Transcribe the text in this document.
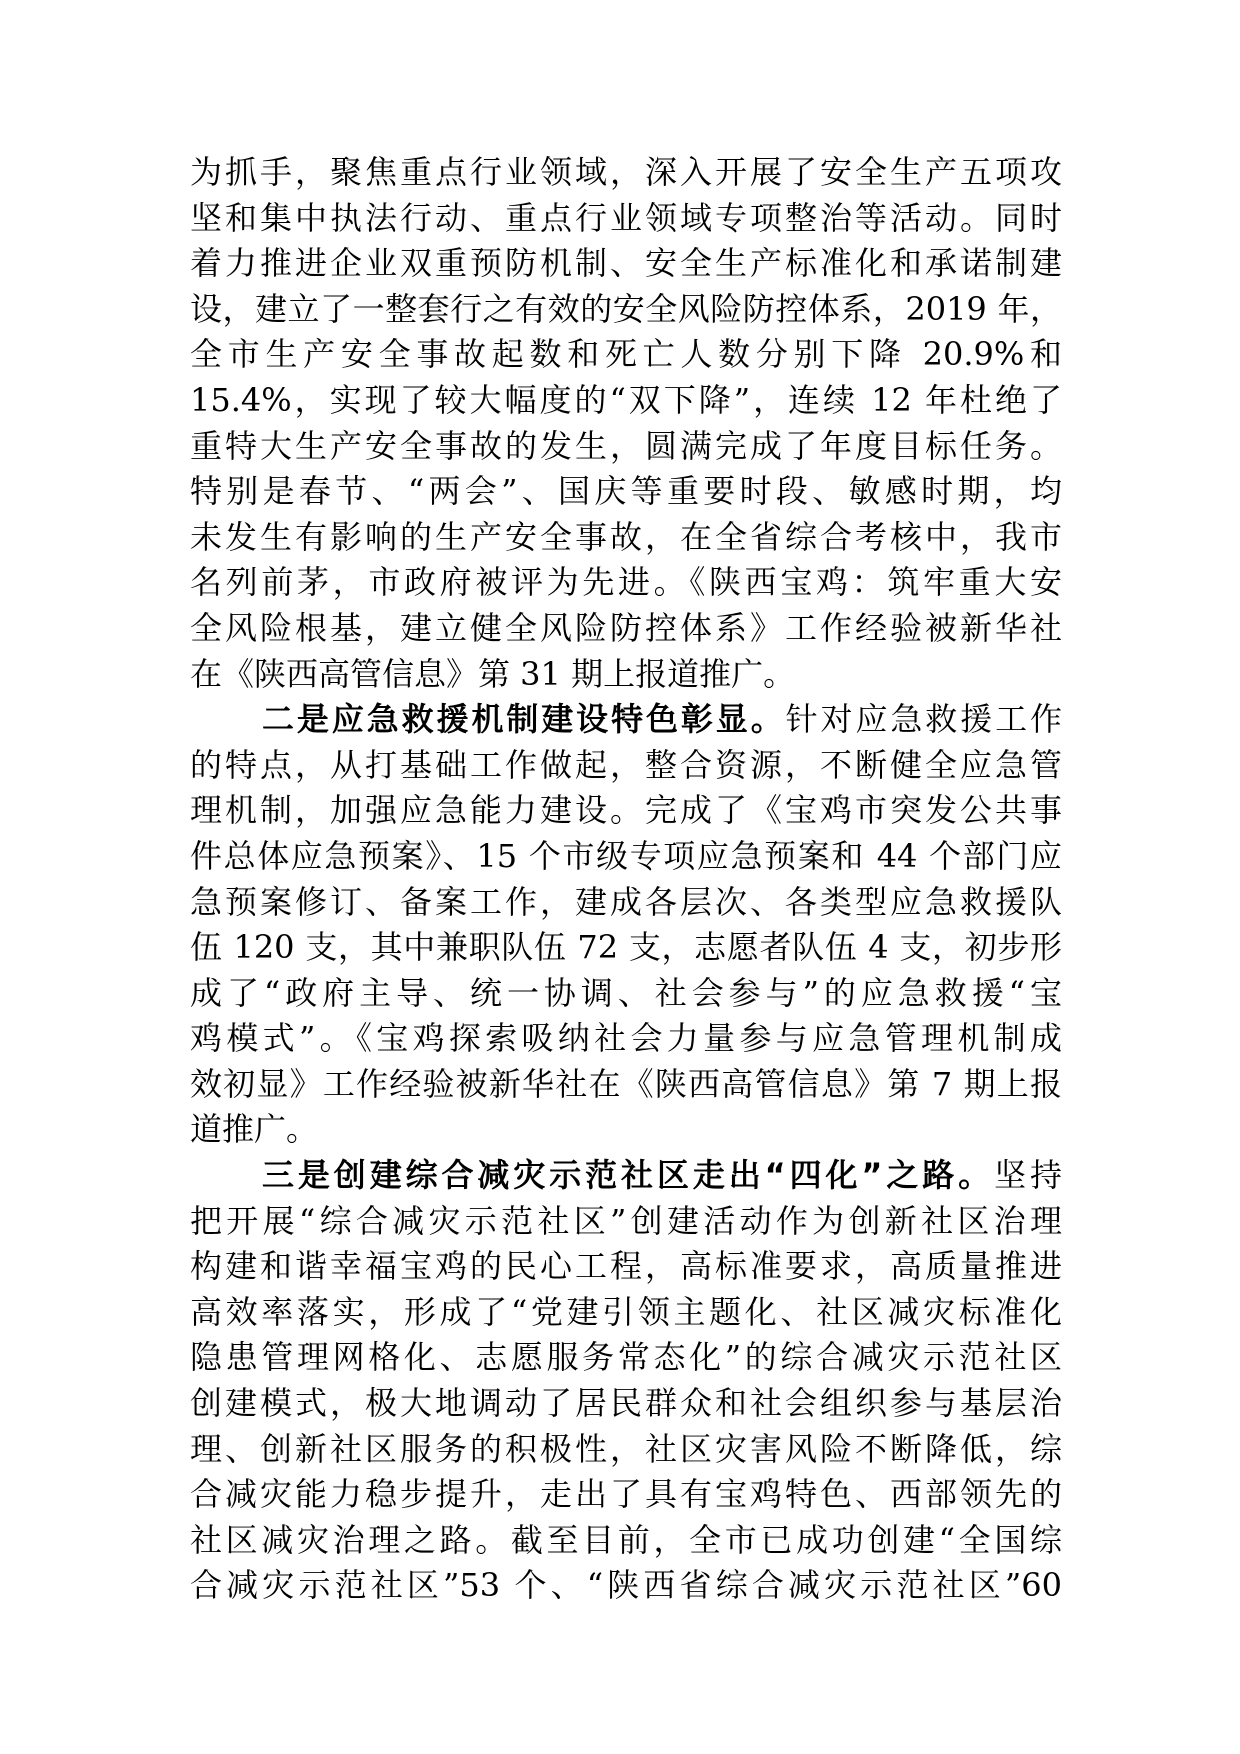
为抓手，聚焦重点行业领域，深入开展了安全生产五项攻
坚和集中执法行动、重点行业领域专项整治等活动。同时
着力推进企业双重预防机制、安全生产标准化和承诺制建
设，建立了一整套行之有效的安全风险防控体系，2019 年，
全市生产安全事故起数和死亡人数分别下降 20.9%和
15.4%，实现了较大幅度的“双下降”，连续 12 年杜绝了
重特大生产安全事故的发生，圆满完成了年度目标任务。
特别是春节、“两会”、国庆等重要时段、敏感时期，均
未发生有影响的生产安全事故，在全省综合考核中，我市
名列前茅，市政府被评为先进。《陕西宝鸡：筑牢重大安
全风险根基，建立健全风险防控体系》工作经验被新华社
在《陕西高管信息》第 31 期上报道推广。
二是应急救援机制建设特色彰显。针对应急救援工作
的特点，从打基础工作做起，整合资源，不断健全应急管
理机制，加强应急能力建设。完成了《宝鸡市突发公共事
件总体应急预案》、15 个市级专项应急预案和 44 个部门应
急预案修订、备案工作，建成各层次、各类型应急救援队
伍 120 支，其中兼职队伍 72 支，志愿者队伍 4 支，初步形
成了“政府主导、统一协调、社会参与”的应急救援“宝
鸡模式”。《宝鸡探索吸纳社会力量参与应急管理机制成
效初显》工作经验被新华社在《陕西高管信息》第 7 期上报
道推广。
三是创建综合减灾示范社区走出“四化”之路。坚持
把开展“综合减灾示范社区”创建活动作为创新社区治理
构建和谐幸福宝鸡的民心工程，高标准要求，高质量推进
高效率落实，形成了“党建引领主题化、社区减灾标准化
隐患管理网格化、志愿服务常态化”的综合减灾示范社区
创建模式，极大地调动了居民群众和社会组织参与基层治
理、创新社区服务的积极性，社区灾害风险不断降低，综
合减灾能力稳步提升，走出了具有宝鸡特色、西部领先的
社区减灾治理之路。截至目前，全市已成功创建“全国综
合减灾示范社区”53 个、“陕西省综合减灾示范社区”60
